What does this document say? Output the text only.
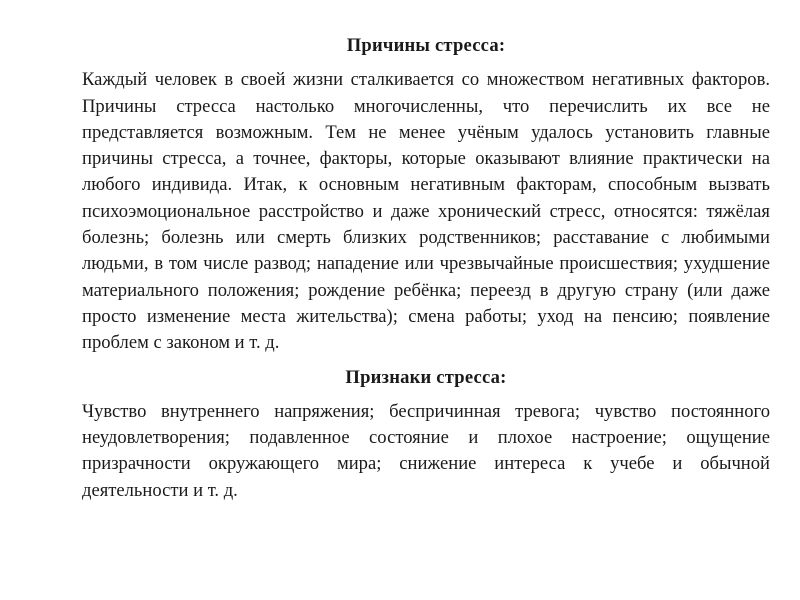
Причины стресса:

Каждый человек в своей жизни сталкивается со множеством негативных факторов. Причины стресса настолько многочисленны, что перечислить их все не представляется возможным. Тем не менее учёным удалось установить главные причины стресса, а точнее, факторы, которые оказывают влияние практически на любого индивида. Итак, к основным негативным факторам, способным вызвать психоэмоциональное расстройство и даже хронический стресс, относятся: тяжёлая болезнь; болезнь или смерть близких родственников; расставание с любимыми людьми, в том числе развод; нападение или чрезвычайные происшествия; ухудшение материального положения; рождение ребёнка; переезд в другую страну (или даже просто изменение места жительства); смена работы; уход на пенсию; появление проблем с законом и т. д.

Признаки стресса:

Чувство внутреннего напряжения; беспричинная тревога; чувство постоянного неудовлетворения; подавленное состояние и плохое настроение; ощущение призрачности окружающего мира; снижение интереса к учебе и обычной деятельности и т. д.
